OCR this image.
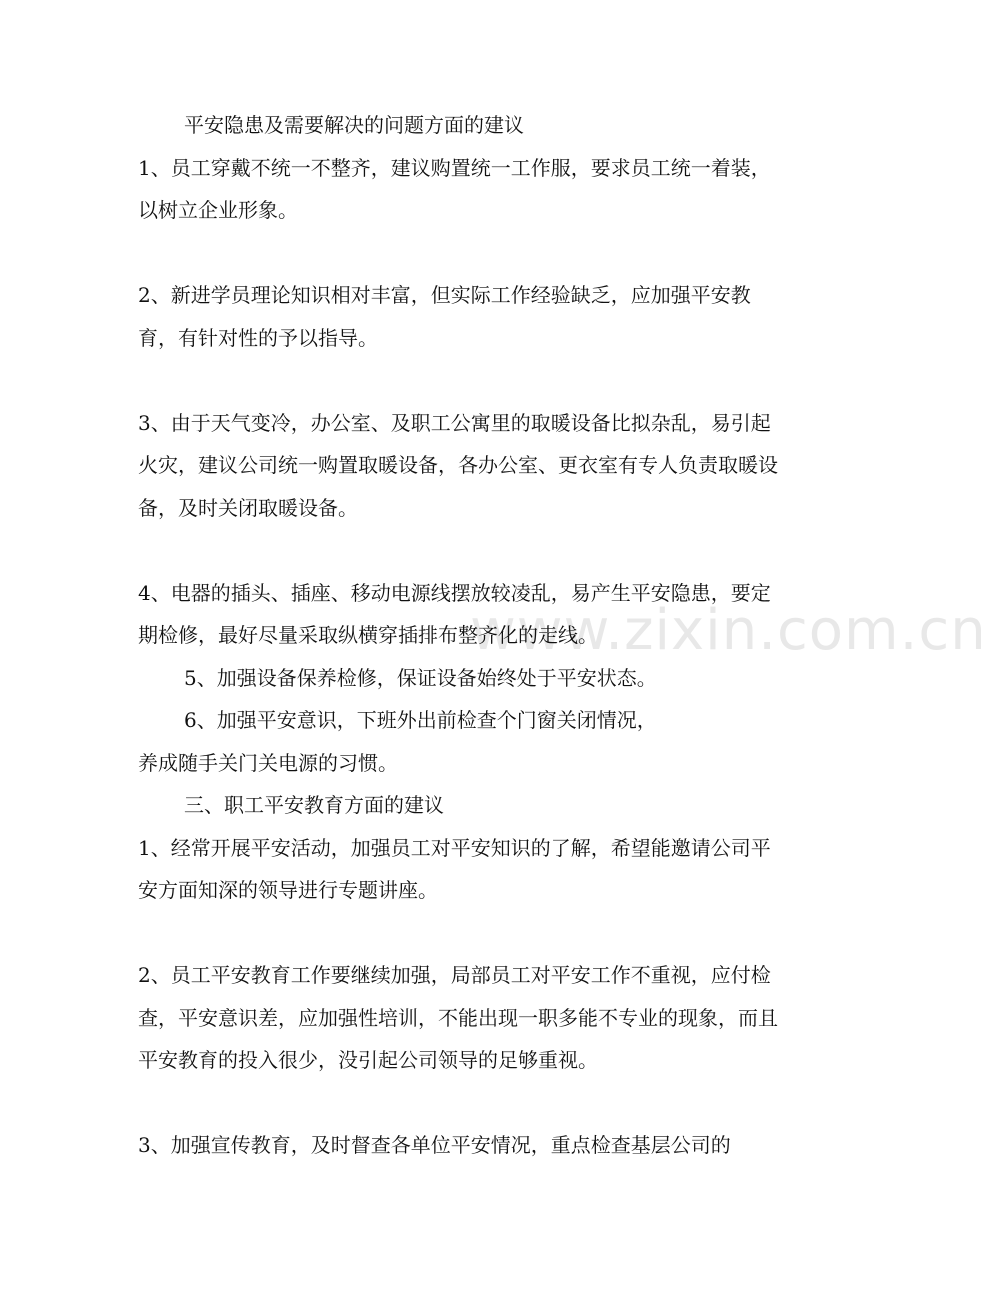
www.zixin.com.cn

平安隐患及需要解决的问题方面的建议

1、员工穿戴不统一不整齐，建议购置统一工作服，要求员工统一着装，以树立企业形象。

2、新进学员理论知识相对丰富，但实际工作经验缺乏，应加强平安教育，有针对性的予以指导。

3、由于天气变冷，办公室、及职工公寓里的取暖设备比拟杂乱，易引起火灾，建议公司统一购置取暖设备，各办公室、更衣室有专人负责取暖设备，及时关闭取暖设备。

4、电器的插头、插座、移动电源线摆放较凌乱，易产生平安隐患，要定期检修，最好尽量采取纵横穿插排布整齐化的走线。

5、加强设备保养检修，保证设备始终处于平安状态。

6、加强平安意识，下班外出前检查个门窗关闭情况，

养成随手关门关电源的习惯。

三、职工平安教育方面的建议

1、经常开展平安活动，加强员工对平安知识的了解，希望能邀请公司平安方面知深的领导进行专题讲座。

2、员工平安教育工作要继续加强，局部员工对平安工作不重视，应付检查，平安意识差，应加强性培训，不能出现一职多能不专业的现象，而且平安教育的投入很少，没引起公司领导的足够重视。

3、加强宣传教育，及时督查各单位平安情况，重点检查基层公司的
